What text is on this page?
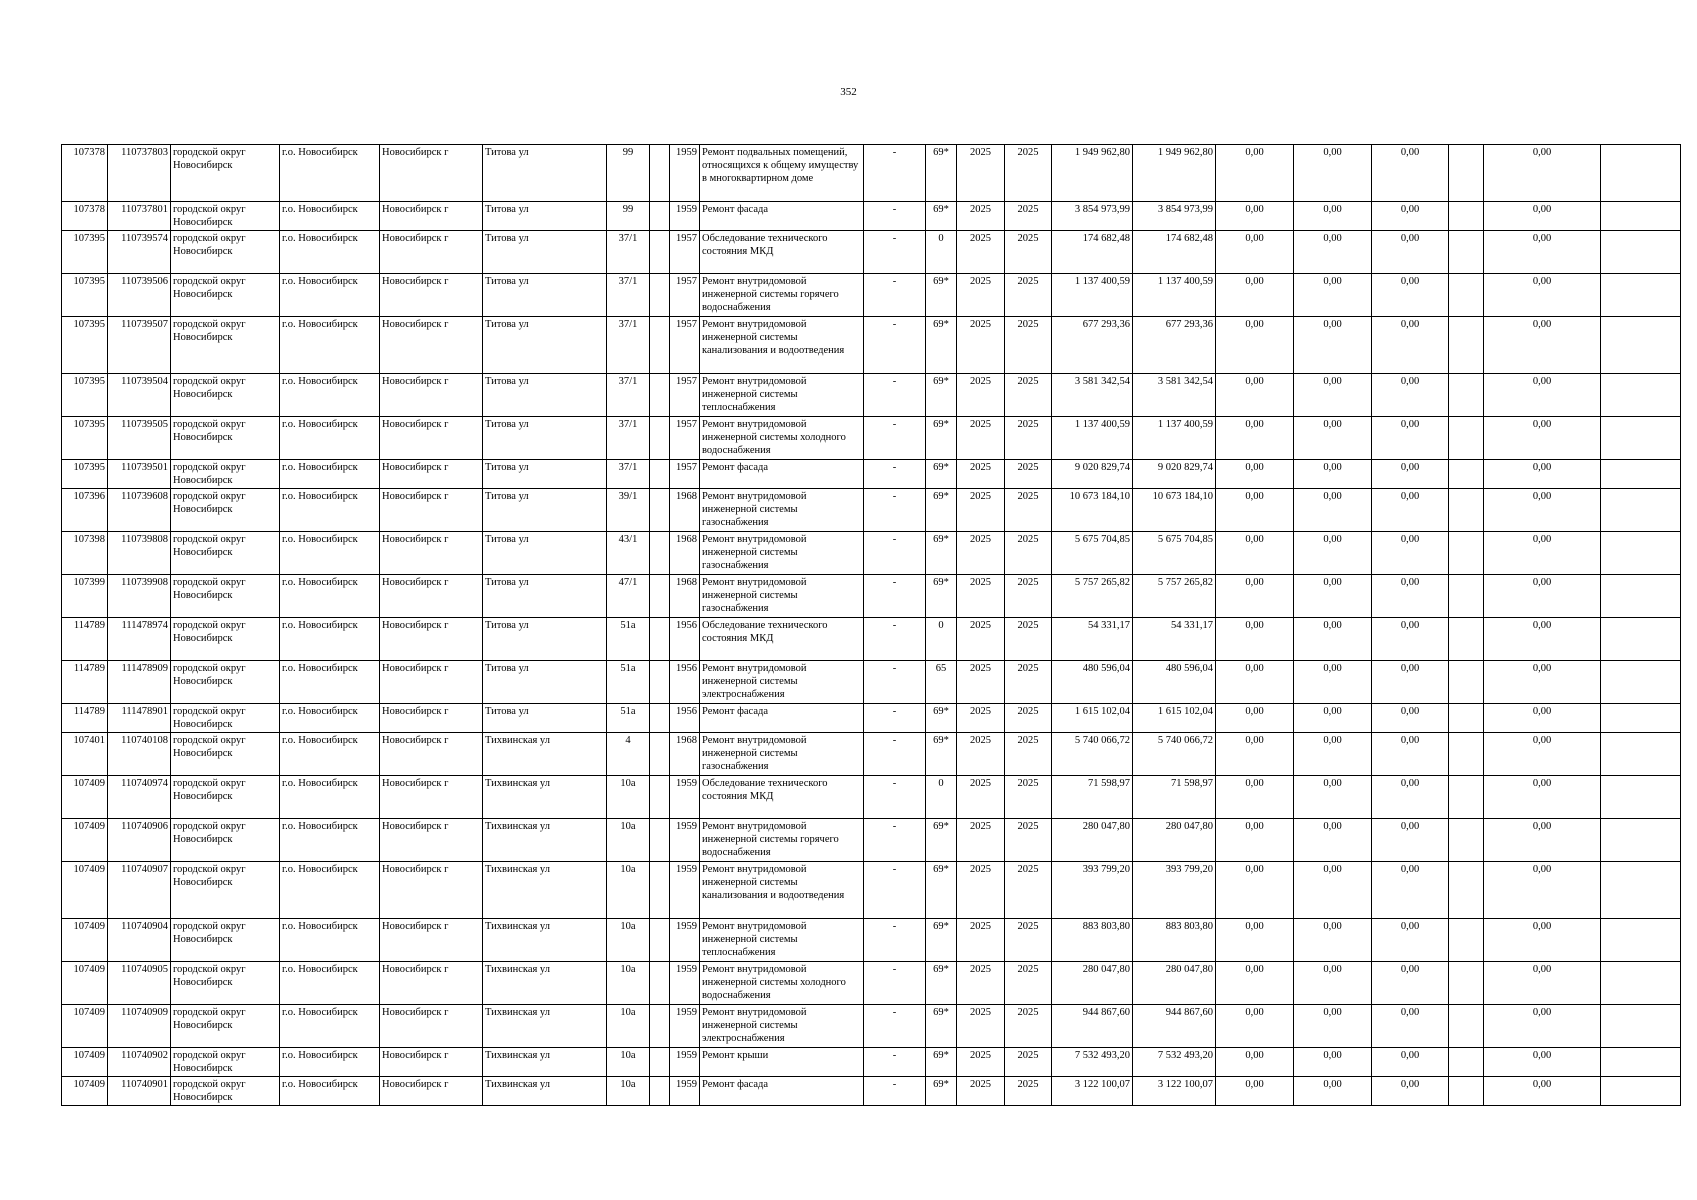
352
107378	110737803	городской округ Новосибирск	г.о. Новосибирск	Новосибирск г	Титова ул	99		1959	Ремонт подвальных помещений, относящихся к общему имуществу в многоквартирном доме	-	69*	2025	2025	1 949 962,80	1 949 962,80	0,00	0,00	0,00		0,00	
107378	110737801	городской округ Новосибирск	г.о. Новосибирск	Новосибирск г	Титова ул	99		1959	Ремонт фасада	-	69*	2025	2025	3 854 973,99	3 854 973,99	0,00	0,00	0,00		0,00	
107395	110739574	городской округ Новосибирск	г.о. Новосибирск	Новосибирск г	Титова ул	37/1		1957	Обследование технического состояния МКД	-	0	2025	2025	174 682,48	174 682,48	0,00	0,00	0,00		0,00	
107395	110739506	городской округ Новосибирск	г.о. Новосибирск	Новосибирск г	Титова ул	37/1		1957	Ремонт внутридомовой инженерной системы горячего водоснабжения	-	69*	2025	2025	1 137 400,59	1 137 400,59	0,00	0,00	0,00		0,00	
107395	110739507	городской округ Новосибирск	г.о. Новосибирск	Новосибирск г	Титова ул	37/1		1957	Ремонт внутридомовой инженерной системы канализования и водоотведения	-	69*	2025	2025	677 293,36	677 293,36	0,00	0,00	0,00		0,00	
107395	110739504	городской округ Новосибирск	г.о. Новосибирск	Новосибирск г	Титова ул	37/1		1957	Ремонт внутридомовой инженерной системы теплоснабжения	-	69*	2025	2025	3 581 342,54	3 581 342,54	0,00	0,00	0,00		0,00	
107395	110739505	городской округ Новосибирск	г.о. Новосибирск	Новосибирск г	Титова ул	37/1		1957	Ремонт внутридомовой инженерной системы холодного водоснабжения	-	69*	2025	2025	1 137 400,59	1 137 400,59	0,00	0,00	0,00		0,00	
107395	110739501	городской округ Новосибирск	г.о. Новосибирск	Новосибирск г	Титова ул	37/1		1957	Ремонт фасада	-	69*	2025	2025	9 020 829,74	9 020 829,74	0,00	0,00	0,00		0,00	
107396	110739608	городской округ Новосибирск	г.о. Новосибирск	Новосибирск г	Титова ул	39/1		1968	Ремонт внутридомовой инженерной системы газоснабжения	-	69*	2025	2025	10 673 184,10	10 673 184,10	0,00	0,00	0,00		0,00	
107398	110739808	городской округ Новосибирск	г.о. Новосибирск	Новосибирск г	Титова ул	43/1		1968	Ремонт внутридомовой инженерной системы газоснабжения	-	69*	2025	2025	5 675 704,85	5 675 704,85	0,00	0,00	0,00		0,00	
107399	110739908	городской округ Новосибирск	г.о. Новосибирск	Новосибирск г	Титова ул	47/1		1968	Ремонт внутридомовой инженерной системы газоснабжения	-	69*	2025	2025	5 757 265,82	5 757 265,82	0,00	0,00	0,00		0,00	
114789	111478974	городской округ Новосибирск	г.о. Новосибирск	Новосибирск г	Титова ул	51а		1956	Обследование технического состояния МКД	-	0	2025	2025	54 331,17	54 331,17	0,00	0,00	0,00		0,00	
114789	111478909	городской округ Новосибирск	г.о. Новосибирск	Новосибирск г	Титова ул	51а		1956	Ремонт внутридомовой инженерной системы электроснабжения	-	65	2025	2025	480 596,04	480 596,04	0,00	0,00	0,00		0,00	
114789	111478901	городской округ Новосибирск	г.о. Новосибирск	Новосибирск г	Титова ул	51а		1956	Ремонт фасада	-	69*	2025	2025	1 615 102,04	1 615 102,04	0,00	0,00	0,00		0,00	
107401	110740108	городской округ Новосибирск	г.о. Новосибирск	Новосибирск г	Тихвинская ул	4		1968	Ремонт внутридомовой инженерной системы газоснабжения	-	69*	2025	2025	5 740 066,72	5 740 066,72	0,00	0,00	0,00		0,00	
107409	110740974	городской округ Новосибирск	г.о. Новосибирск	Новосибирск г	Тихвинская ул	10а		1959	Обследование технического состояния МКД	-	0	2025	2025	71 598,97	71 598,97	0,00	0,00	0,00		0,00	
107409	110740906	городской округ Новосибирск	г.о. Новосибирск	Новосибирск г	Тихвинская ул	10а		1959	Ремонт внутридомовой инженерной системы горячего водоснабжения	-	69*	2025	2025	280 047,80	280 047,80	0,00	0,00	0,00		0,00	
107409	110740907	городской округ Новосибирск	г.о. Новосибирск	Новосибирск г	Тихвинская ул	10а		1959	Ремонт внутридомовой инженерной системы канализования и водоотведения	-	69*	2025	2025	393 799,20	393 799,20	0,00	0,00	0,00		0,00	
107409	110740904	городской округ Новосибирск	г.о. Новосибирск	Новосибирск г	Тихвинская ул	10а		1959	Ремонт внутридомовой инженерной системы теплоснабжения	-	69*	2025	2025	883 803,80	883 803,80	0,00	0,00	0,00		0,00	
107409	110740905	городской округ Новосибирск	г.о. Новосибирск	Новосибирск г	Тихвинская ул	10а		1959	Ремонт внутридомовой инженерной системы холодного водоснабжения	-	69*	2025	2025	280 047,80	280 047,80	0,00	0,00	0,00		0,00	
107409	110740909	городской округ Новосибирск	г.о. Новосибирск	Новосибирск г	Тихвинская ул	10а		1959	Ремонт внутридомовой инженерной системы электроснабжения	-	69*	2025	2025	944 867,60	944 867,60	0,00	0,00	0,00		0,00	
107409	110740902	городской округ Новосибирск	г.о. Новосибирск	Новосибирск г	Тихвинская ул	10а		1959	Ремонт крыши	-	69*	2025	2025	7 532 493,20	7 532 493,20	0,00	0,00	0,00		0,00	
107409	110740901	городской округ Новосибирск	г.о. Новосибирск	Новосибирск г	Тихвинская ул	10а		1959	Ремонт фасада	-	69*	2025	2025	3 122 100,07	3 122 100,07	0,00	0,00	0,00		0,00	
